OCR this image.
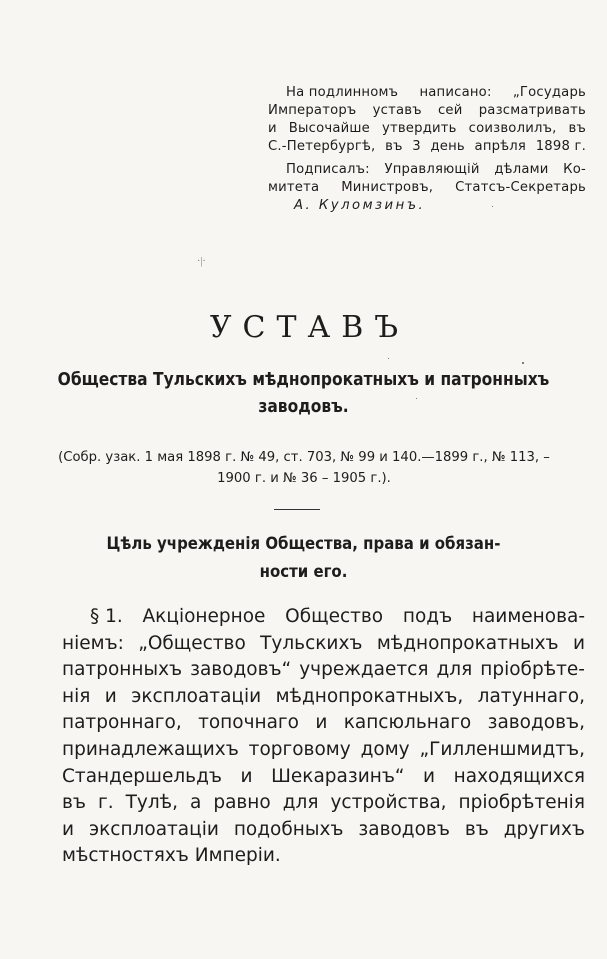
На подлинномъ написано: „Государь
Императоръ уставъ сей разсматривать
и Высочайше утвердить соизволилъ, въ
С.-Петербургѣ, въ 3 день апрѣля 1898 г.
Подписалъ: Управляющій дѣлами Ко-
митета Министровъ, Статсъ-Секретарь
А. Куломзинъ.
·|·
УСТАВЪ
Общества Тульскихъ мѣднопрокатныхъ и патронныхъ
заводовъ.
(Собр. узак. 1 мая 1898 г. № 49, ст. 703, № 99 и 140.—1899 г., № 113, –
1900 г. и № 36 – 1905 г.).
Цѣль учрежденія Общества, права и обязан-
ности его.
§ 1. Акціонерное Общество подъ наименова-
ніемъ: „Общество Тульскихъ мѣднопрокатныхъ и
патронныхъ заводовъ“ учреждается для пріобрѣте-
нія и эксплоатаціи мѣднопрокатныхъ, латуннаго,
патроннаго, топочнаго и капсюльнаго заводовъ,
принадлежащихъ торговому дому „Гилленшмидтъ,
Стандершельдъ и Шекаразинъ“ и находящихся
въ г. Тулѣ, а равно для устройства, пріобрѣтенія
и эксплоатаціи подобныхъ заводовъ въ другихъ
мѣстностяхъ Имперіи.
